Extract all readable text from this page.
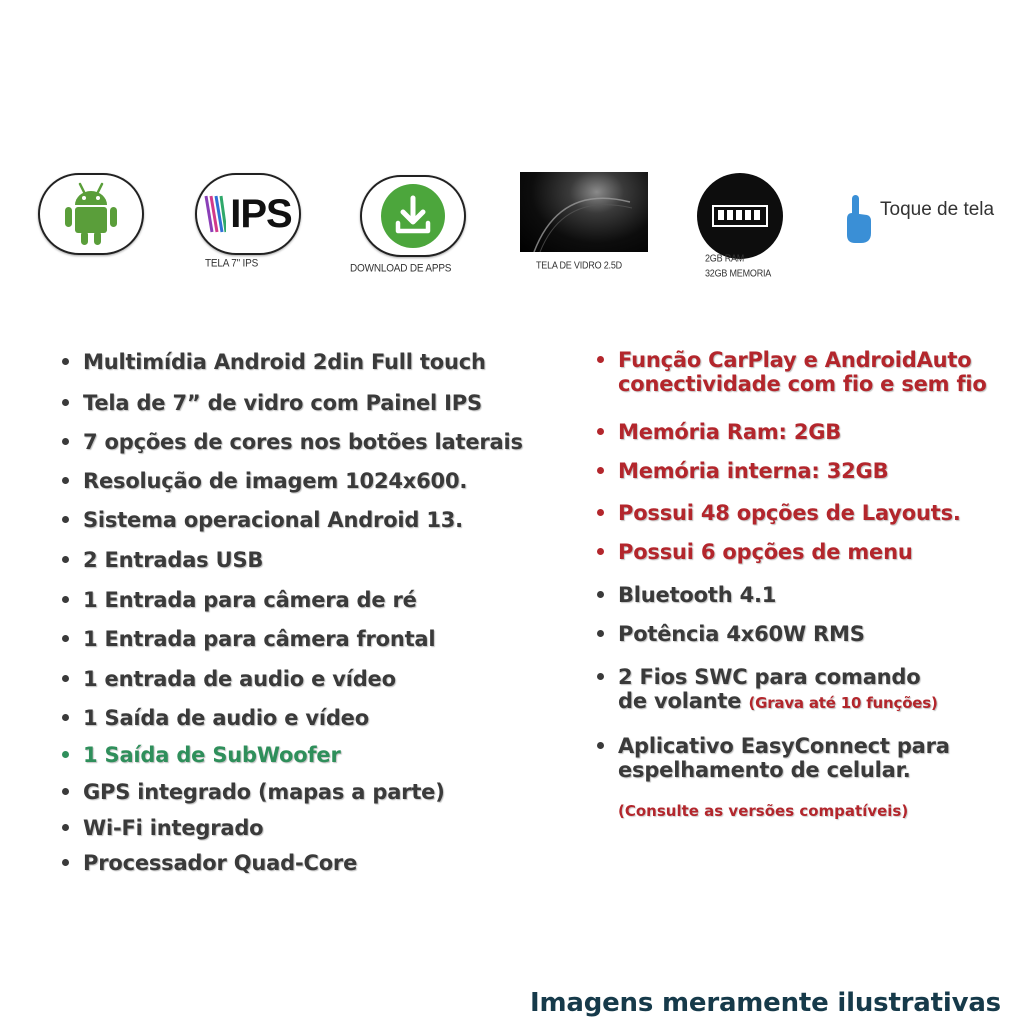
IPS
TELA 7" IPS	DOWNLOAD DE APPS	TELA DE VIDRO 2.5D
2GB RAM
32GB MEMORIA
Toque de tela
Multimídia Android 2din Full touch
Tela de 7” de vidro com Painel IPS
7 opções de cores nos botões laterais
Resolução de imagem 1024x600.
Sistema operacional Android 13.
2 Entradas USB
1 Entrada para câmera de ré
1 Entrada para câmera frontal
1 entrada de audio e vídeo
1 Saída de audio e vídeo
1 Saída de SubWoofer
GPS integrado (mapas a parte)
Wi-Fi integrado
Processador Quad-Core
Função CarPlay e AndroidAuto
conectividade com fio e sem fio
Memória Ram: 2GB
Memória interna: 32GB
Possui 48 opções de Layouts.
Possui 6 opções de menu
Bluetooth 4.1
Potência 4x60W RMS
2 Fios SWC para comando
de volante (Grava até 10 funções)
Aplicativo EasyConnect para
espelhamento de celular.
(Consulte as versões compatíveis)
Imagens meramente ilustrativas
